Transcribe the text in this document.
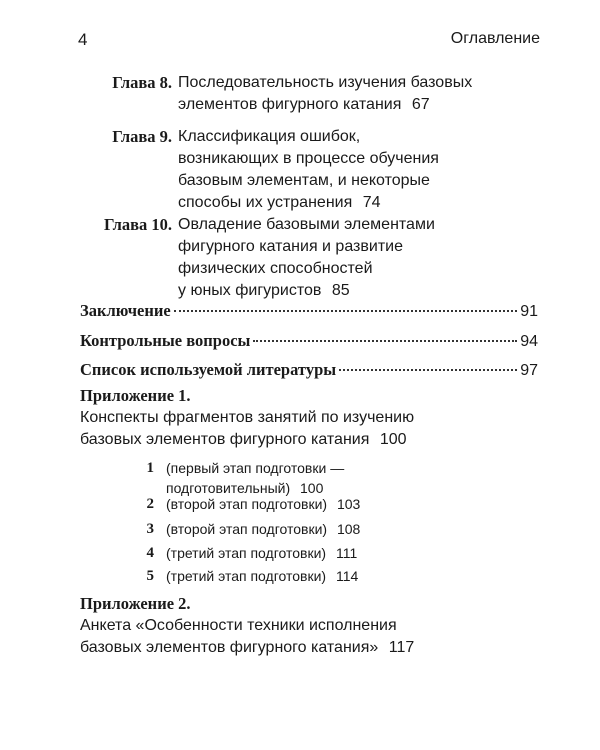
4	Оглавление
Глава 8. Последовательность изучения базовых
элементов фигурного катания 67
Глава 9. Классификация ошибок,
возникающих в процессе обучения
базовым элементам, и некоторые
способы их устранения 74
Глава 10. Овладение базовыми элементами
фигурного катания и развитие
физических способностей
у юных фигуристов 85
Заключение	91
Контрольные вопросы	94
Список используемой литературы	97
Приложение 1.
Конспекты фрагментов занятий по изучению
базовых элементов фигурного катания 100
1 (первый этап подготовки —
подготовительный) 100
2 (второй этап подготовки) 103
3 (второй этап подготовки) 108
4 (третий этап подготовки) 111
5 (третий этап подготовки) 114
Приложение 2.
Анкета «Особенности техники исполнения
базовых элементов фигурного катания» 117
